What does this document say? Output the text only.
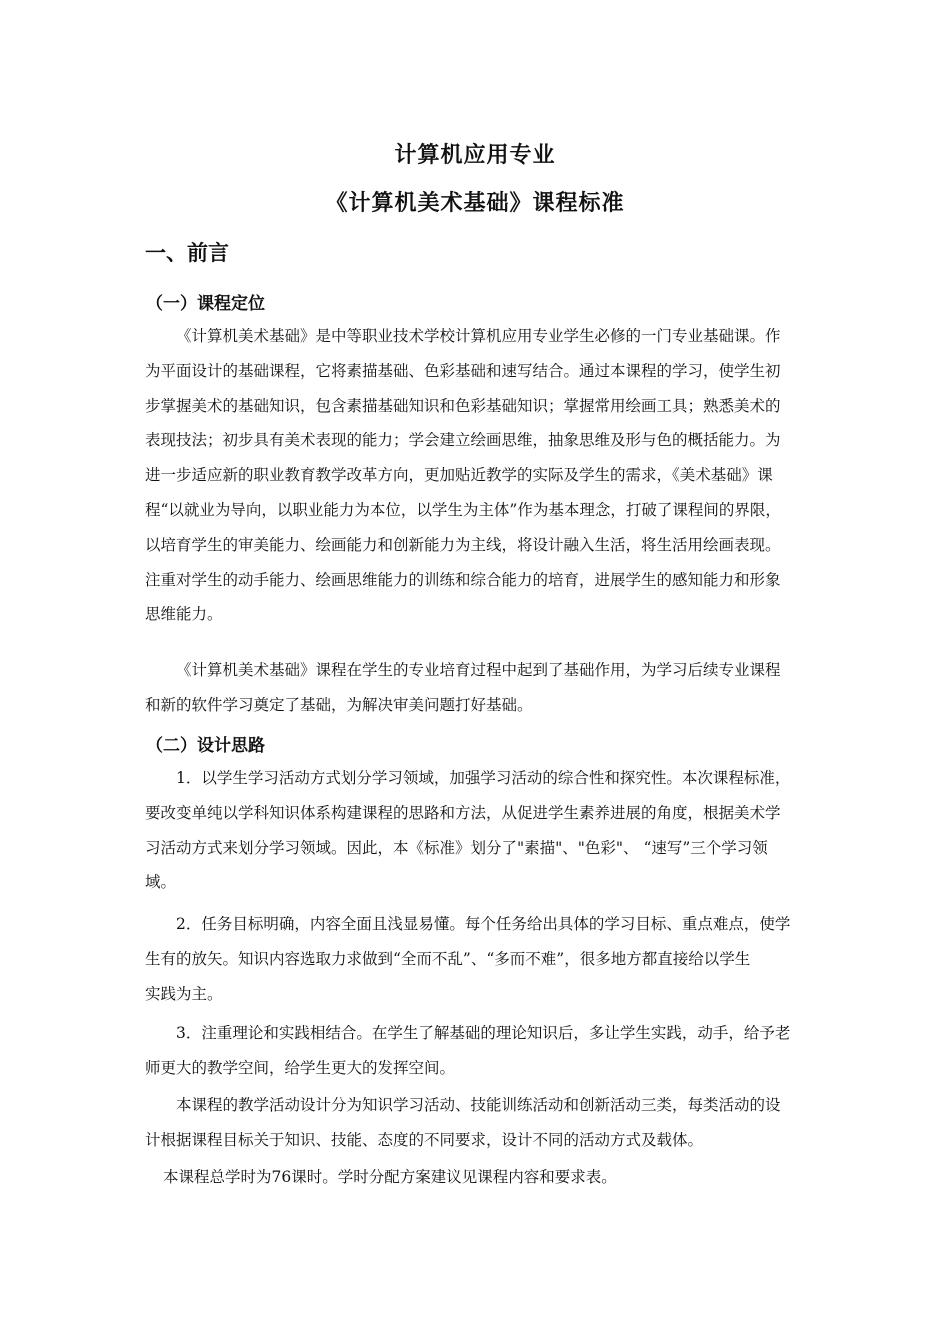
计算机应用专业
《计算机美术基础》课程标准
一、前言
（一）课程定位
《计算机美术基础》是中等职业技术学校计算机应用专业学生必修的一门专业基础课。作
为平面设计的基础课程，它将素描基础、色彩基础和速写结合。通过本课程的学习，使学生初
步掌握美术的基础知识，包含素描基础知识和色彩基础知识；掌握常用绘画工具；熟悉美术的
表现技法；初步具有美术表现的能力；学会建立绘画思维，抽象思维及形与色的概括能力。为
进一步适应新的职业教育教学改革方向，更加贴近教学的实际及学生的需求，《美术基础》课
程“以就业为导向，以职业能力为本位，以学生为主体”作为基本理念，打破了课程间的界限，
以培育学生的审美能力、绘画能力和创新能力为主线，将设计融入生活，将生活用绘画表现。
注重对学生的动手能力、绘画思维能力的训练和综合能力的培育，进展学生的感知能力和形象
思维能力。
《计算机美术基础》课程在学生的专业培育过程中起到了基础作用，为学习后续专业课程
和新的软件学习奠定了基础，为解决审美问题打好基础。
（二）设计思路
1．以学生学习活动方式划分学习领域，加强学习活动的综合性和探究性。本次课程标准，
要改变单纯以学科知识体系构建课程的思路和方法，从促进学生素养进展的角度，根据美术学
习活动方式来划分学习领域。因此，本《标准》划分了"素描"、"色彩"、 “速写”三个学习领
域。
2．任务目标明确，内容全面且浅显易懂。每个任务给出具体的学习目标、重点难点，使学
生有的放矢。知识内容选取力求做到“全而不乱”、“多而不难”，很多地方都直接给以学生
实践为主。
3．注重理论和实践相结合。在学生了解基础的理论知识后，多让学生实践，动手，给予老
师更大的教学空间，给学生更大的发挥空间。
本课程的教学活动设计分为知识学习活动、技能训练活动和创新活动三类，每类活动的设
计根据课程目标关于知识、技能、态度的不同要求，设计不同的活动方式及载体。
本课程总学时为76课时。学时分配方案建议见课程内容和要求表。
